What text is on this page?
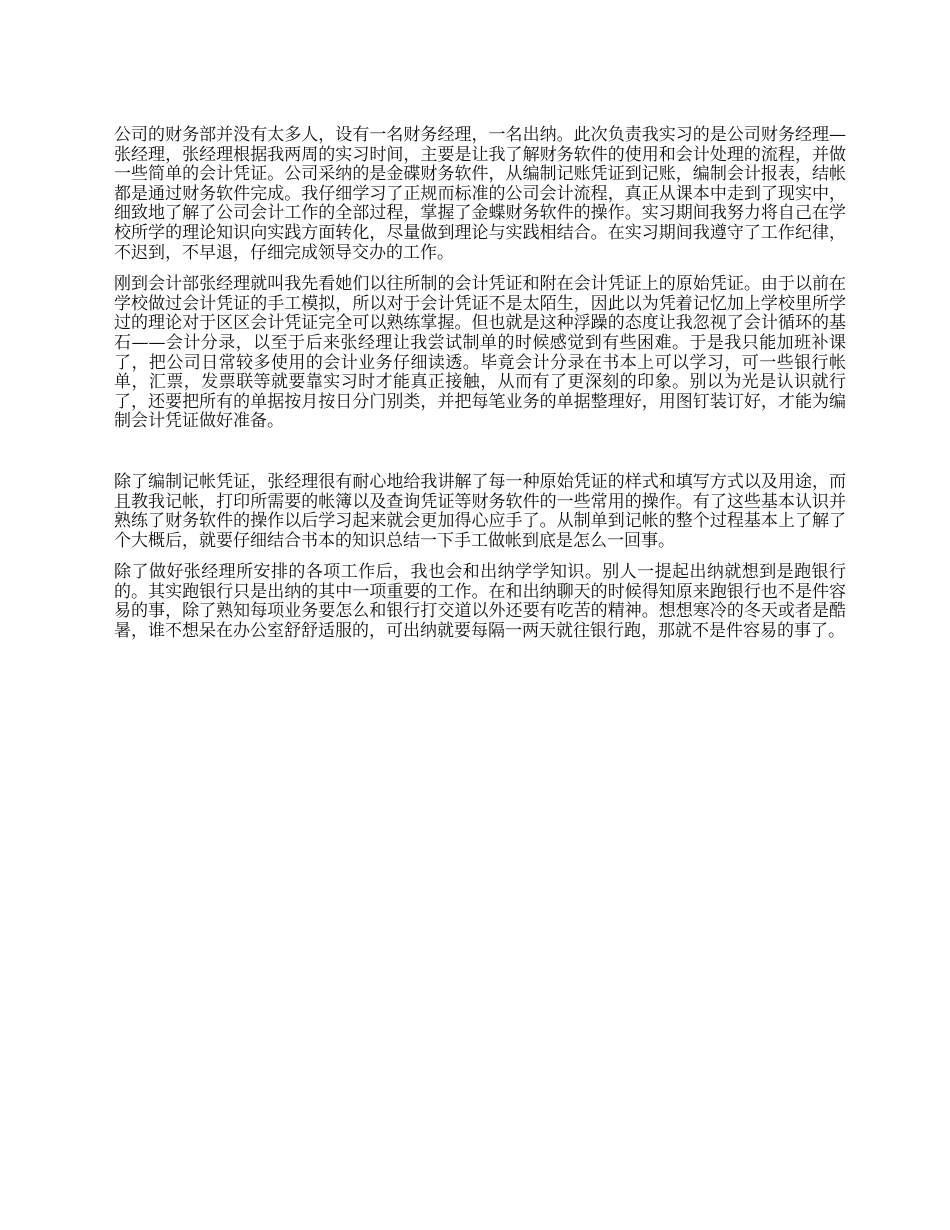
公司的财务部并没有太多人，设有一名财务经理，一名出纳。此次负责我实习的是公司财务经理—张经理，张经理根据我两周的实习时间，主要是让我了解财务软件的使用和会计处理的流程，并做一些简单的会计凭证。公司采纳的是金碟财务软件，从编制记账凭证到记账，编制会计报表，结帐都是通过财务软件完成。我仔细学习了正规而标准的公司会计流程，真正从课本中走到了现实中，细致地了解了公司会计工作的全部过程，掌握了金蝶财务软件的操作。实习期间我努力将自己在学校所学的理论知识向实践方面转化，尽量做到理论与实践相结合。在实习期间我遵守了工作纪律，不迟到，不早退，仔细完成领导交办的工作。

刚到会计部张经理就叫我先看她们以往所制的会计凭证和附在会计凭证上的原始凭证。由于以前在学校做过会计凭证的手工模拟，所以对于会计凭证不是太陌生，因此以为凭着记忆加上学校里所学过的理论对于区区会计凭证完全可以熟练掌握。但也就是这种浮躁的态度让我忽视了会计循环的基石——会计分录，以至于后来张经理让我尝试制单的时候感觉到有些困难。于是我只能加班补课了，把公司日常较多使用的会计业务仔细读透。毕竟会计分录在书本上可以学习，可一些银行帐单，汇票，发票联等就要靠实习时才能真正接触，从而有了更深刻的印象。别以为光是认识就行了，还要把所有的单据按月按日分门别类，并把每笔业务的单据整理好，用图钉装订好，才能为编制会计凭证做好准备。

除了编制记帐凭证，张经理很有耐心地给我讲解了每一种原始凭证的样式和填写方式以及用途，而且教我记帐，打印所需要的帐簿以及查询凭证等财务软件的一些常用的操作。有了这些基本认识并熟练了财务软件的操作以后学习起来就会更加得心应手了。从制单到记帐的整个过程基本上了解了个大概后，就要仔细结合书本的知识总结一下手工做帐到底是怎么一回事。

除了做好张经理所安排的各项工作后，我也会和出纳学学知识。别人一提起出纳就想到是跑银行的。其实跑银行只是出纳的其中一项重要的工作。在和出纳聊天的时候得知原来跑银行也不是件容易的事，除了熟知每项业务要怎么和银行打交道以外还要有吃苦的精神。想想寒冷的冬天或者是酷暑，谁不想呆在办公室舒舒适服的，可出纳就要每隔一两天就往银行跑，那就不是件容易的事了。
